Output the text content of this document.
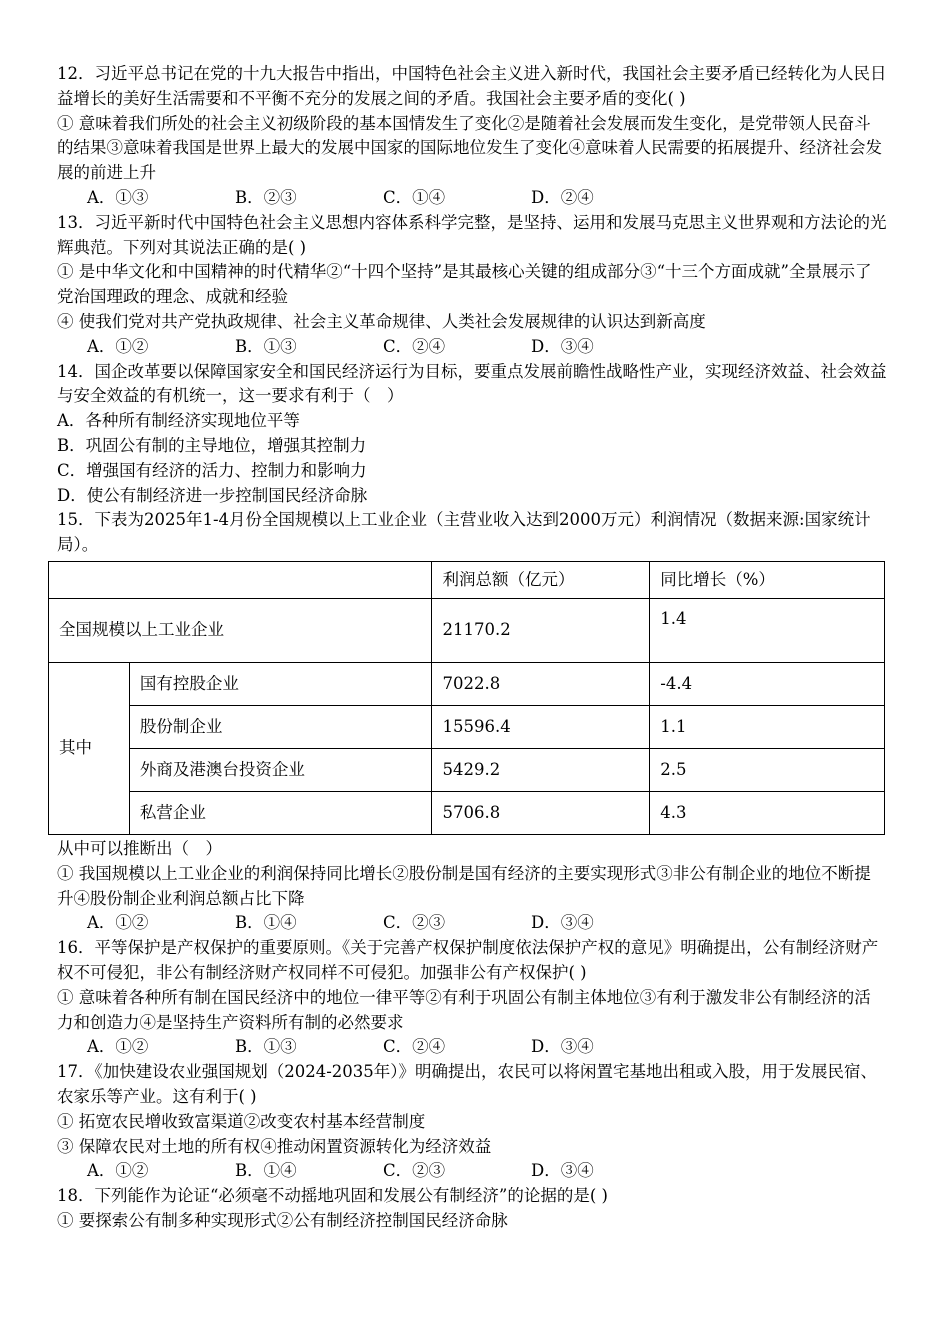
12．习近平总书记在党的十九大报告中指出，中国特色社会主义进入新时代，我国社会主要矛盾已经转化为人民日益增长的美好生活需要和不平衡不充分的发展之间的矛盾。我国社会主要矛盾的变化( )

① 意味着我们所处的社会主义初级阶段的基本国情发生了变化②是随着社会发展而发生变化，是党带领人民奋斗的结果③意味着我国是世界上最大的发展中国家的国际地位发生了变化④意味着人民需要的拓展提升、经济社会发展的前进上升

A．①③	B．②③	C．①④	D．②④

13．习近平新时代中国特色社会主义思想内容体系科学完整，是坚持、运用和发展马克思主义世界观和方法论的光辉典范。下列对其说法正确的是( )

① 是中华文化和中国精神的时代精华②“十四个坚持”是其最核心关键的组成部分③“十三个方面成就”全景展示了党治国理政的理念、成就和经验

④ 使我们党对共产党执政规律、社会主义革命规律、人类社会发展规律的认识达到新高度

A．①②	B．①③	C．②④	D．③④

14．国企改革要以保障国家安全和国民经济运行为目标，要重点发展前瞻性战略性产业，实现经济效益、社会效益与安全效益的有机统一，这一要求有利于（　）

A．各种所有制经济实现地位平等

B．巩固公有制的主导地位，增强其控制力

C．增强国有经济的活力、控制力和影响力

D．使公有制经济进一步控制国民经济命脉

15．下表为2025年1-4月份全国规模以上工业企业（主营业收入达到2000万元）利润情况（数据来源:国家统计局）。

		利润总额（亿元）	同比增长（%）
全国规模以上工业企业		21170.2	1.4
其中	国有控股企业	7022.8	-4.4
	股份制企业	15596.4	1.1
	外商及港澳台投资企业	5429.2	2.5
	私营企业	5706.8	4.3

从中可以推断出（　）

① 我国规模以上工业企业的利润保持同比增长②股份制是国有经济的主要实现形式③非公有制企业的地位不断提升④股份制企业利润总额占比下降

A．①②	B．①④	C．②③	D．③④

16．平等保护是产权保护的重要原则。《关于完善产权保护制度依法保护产权的意见》明确提出，公有制经济财产权不可侵犯，非公有制经济财产权同样不可侵犯。加强非公有产权保护( )

① 意味着各种所有制在国民经济中的地位一律平等②有利于巩固公有制主体地位③有利于激发非公有制经济的活力和创造力④是坚持生产资料所有制的必然要求

A．①②	B．①③	C．②④	D．③④

17．《加快建设农业强国规划（2024-2035年）》明确提出，农民可以将闲置宅基地出租或入股，用于发展民宿、农家乐等产业。这有利于( )

① 拓宽农民增收致富渠道②改变农村基本经营制度

③ 保障农民对土地的所有权④推动闲置资源转化为经济效益

A．①②	B．①④	C．②③	D．③④

18．下列能作为论证“必须毫不动摇地巩固和发展公有制经济”的论据的是( )

① 要探索公有制多种实现形式②公有制经济控制国民经济命脉
